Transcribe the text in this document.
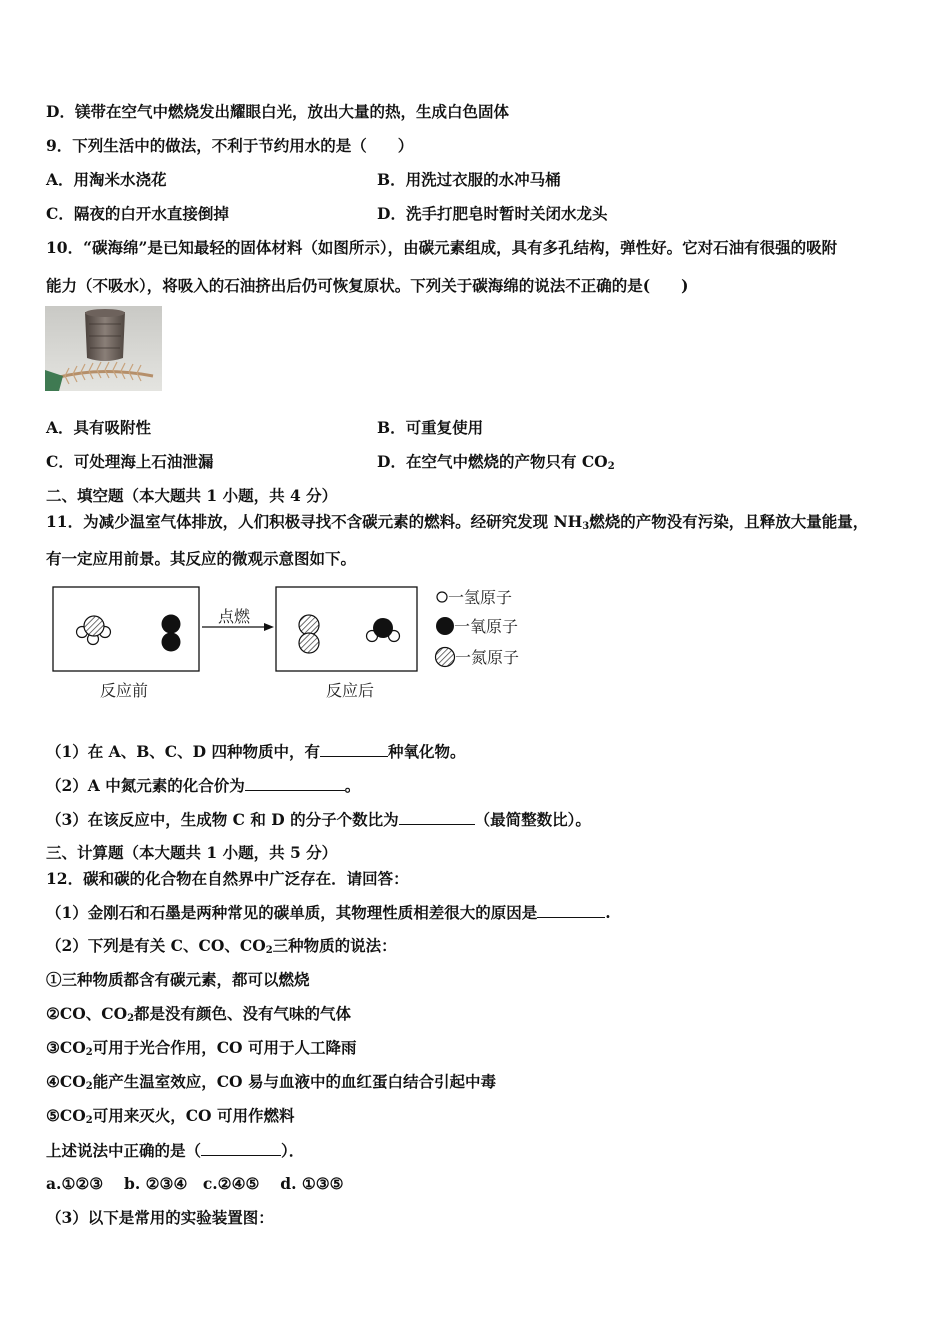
D．镁带在空气中燃烧发出耀眼白光，放出大量的热，生成白色固体
9．下列生活中的做法，不利于节约用水的是（　　）
A．用淘米水浇花	B．用洗过衣服的水冲马桶
C．隔夜的白开水直接倒掉	D．洗手打肥皂时暂时关闭水龙头
10．“碳海绵”是已知最轻的固体材料（如图所示），由碳元素组成，具有多孔结构，弹性好。它对石油有很强的吸附
能力（不吸水），将吸入的石油挤出后仍可恢复原状。下列关于碳海绵的说法不正确的是(　　)
A．具有吸附性	B．可重复使用
C．可处理海上石油泄漏	D．在空气中燃烧的产物只有 $CO_2$
二、填空题（本大题共 1 小题，共 4 分）
11．为减少温室气体排放，人们积极寻找不含碳元素的燃料。经研究发现 $NH_3$燃烧的产物没有污染，且释放大量能量，
有一定应用前景。其反应的微观示意图如下。
点燃
反应前	反应后
一氢原子
一氧原子
一氮原子
（1）在 A、B、C、D 四种物质中，有	种氧化物。
（2）A 中氮元素的化合价为	。
（3）在该反应中，生成物 C 和 D 的分子个数比为	（最简整数比）。
三、计算题（本大题共 1 小题，共 5 分）
12．碳和碳的化合物在自然界中广泛存在．请回答：
（1）金刚石和石墨是两种常见的碳单质，其物理性质相差很大的原因是	.
（2）下列是有关 C、CO、$CO_2$三种物质的说法：
①三种物质都含有碳元素，都可以燃烧
②CO、$CO_2$都是没有颜色、没有气味的气体
$③CO_2$可用于光合作用，CO 可用于人工降雨
$④CO_2$能产生温室效应，CO 易与血液中的血红蛋白结合引起中毒
$⑤CO_2$可用来灭火，CO 可用作燃料
上述说法中正确的是（	）．
a.①②③　 b. ②③④　c.②④⑤　 d. ①③⑤
（3）以下是常用的实验装置图：
